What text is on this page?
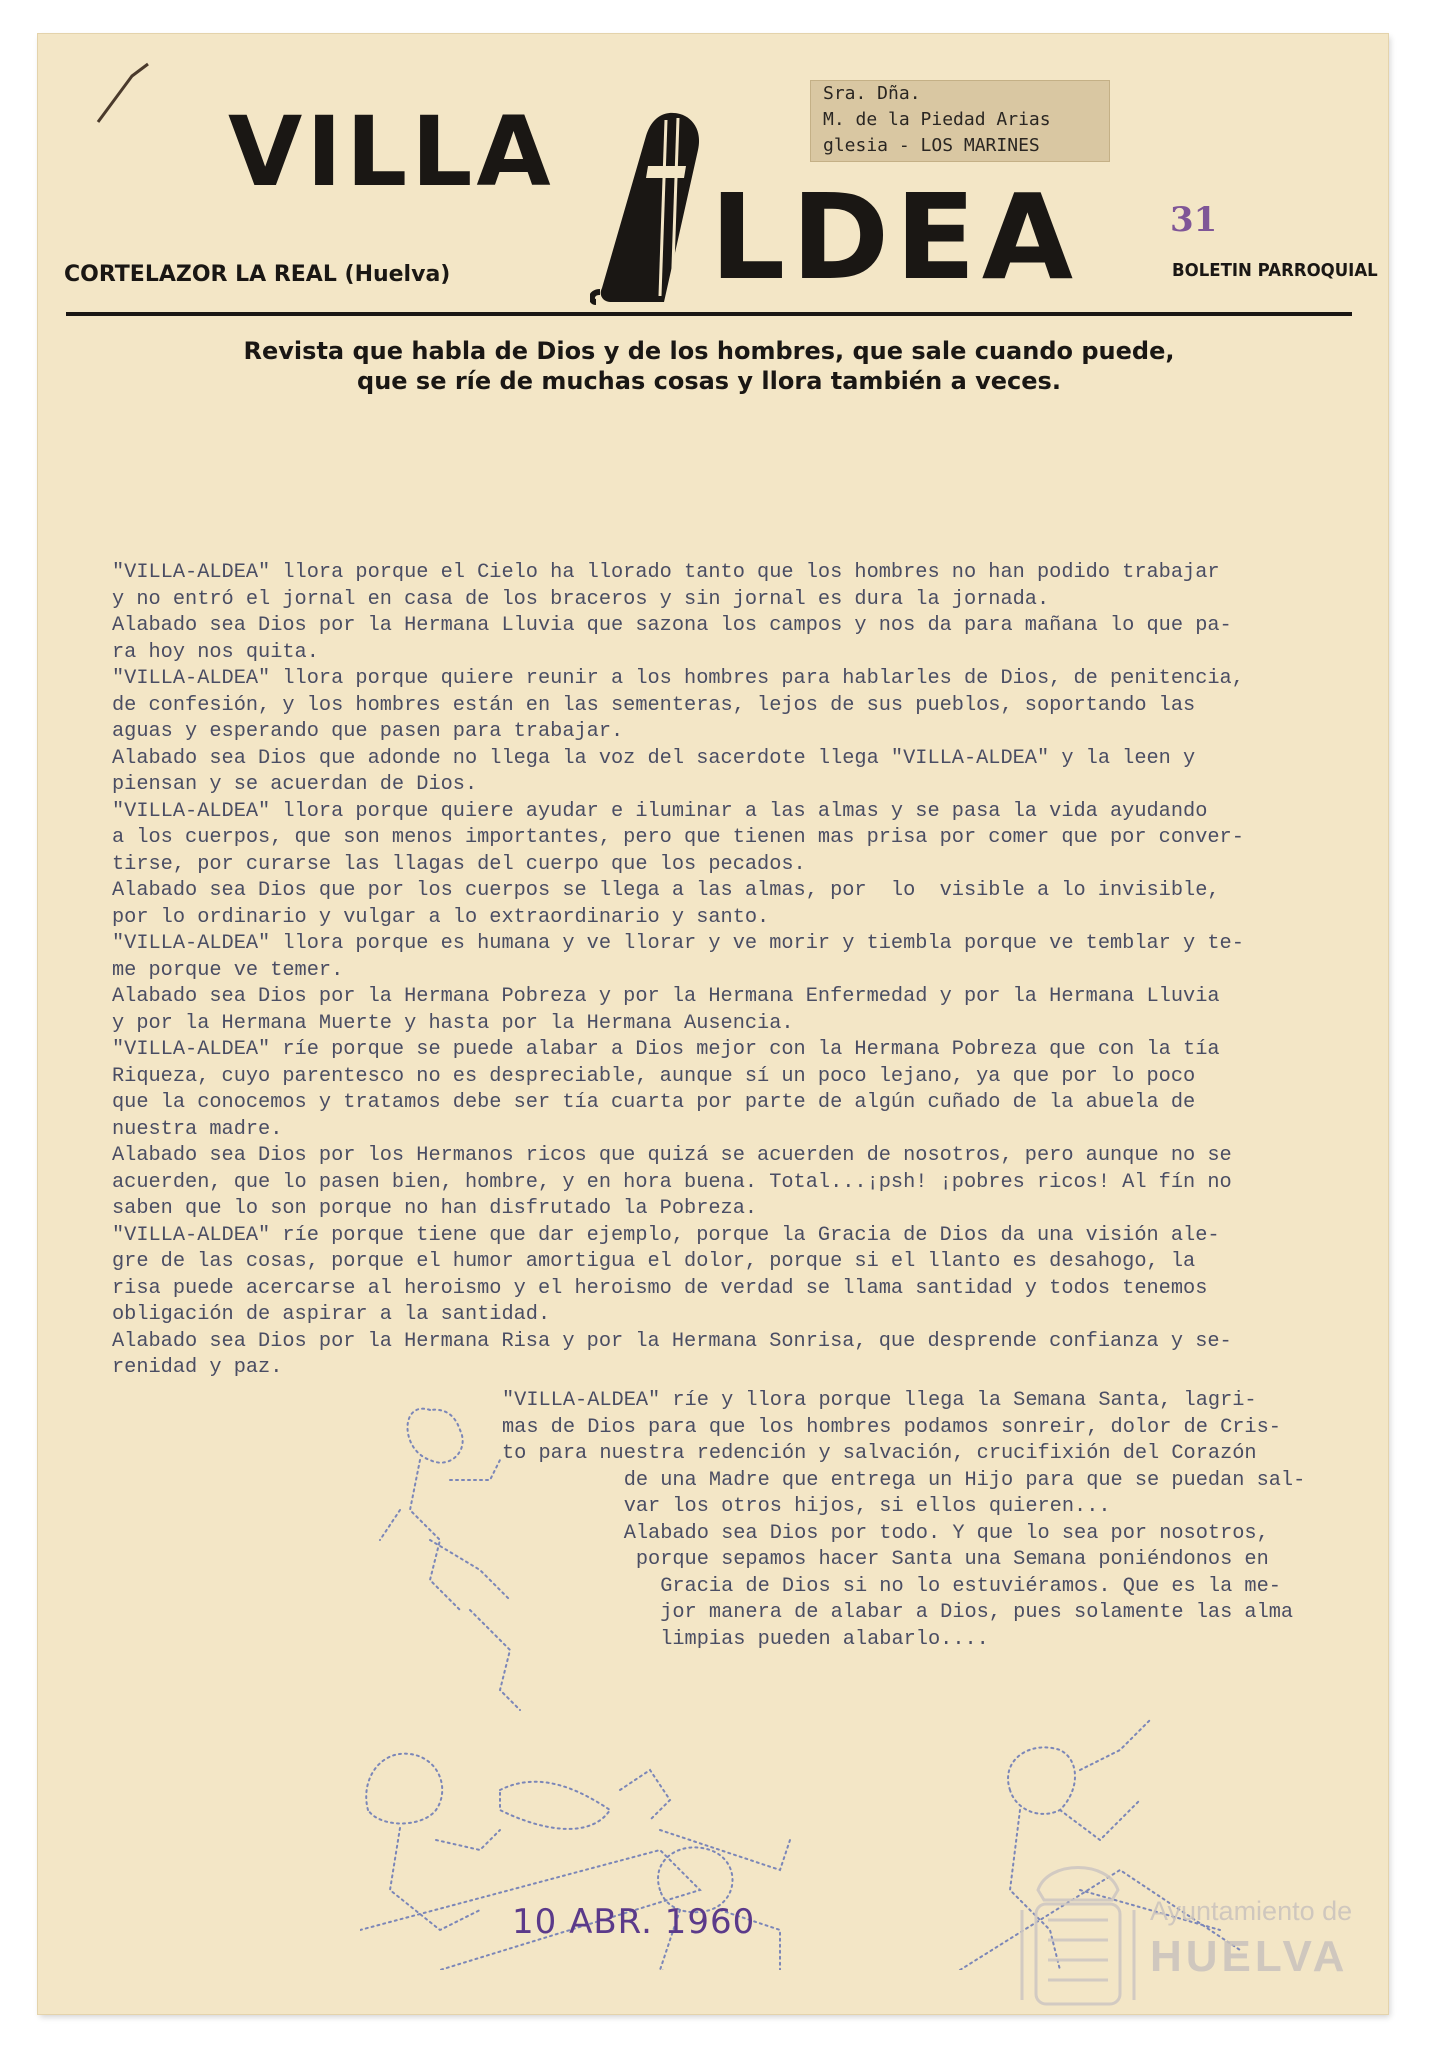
VILLA
LDEA
CORTELAZOR LA REAL (Huelva)	BOLETIN PARROQUIAL
31
Sra. Dña.
M. de la Piedad Arias
glesia - LOS MARINES
Revista que habla de Dios y de los hombres, que sale cuando puede,
que se ríe de muchas cosas y llora también a veces.
"VILLA-ALDEA" llora porque el Cielo ha llorado tanto que los hombres no han podido trabajar
y no entró el jornal en casa de los braceros y sin jornal es dura la jornada.
Alabado sea Dios por la Hermana Lluvia que sazona los campos y nos da para mañana lo que pa-
ra hoy nos quita.
"VILLA-ALDEA" llora porque quiere reunir a los hombres para hablarles de Dios, de penitencia,
de confesión, y los hombres están en las sementeras, lejos de sus pueblos, soportando las
aguas y esperando que pasen para trabajar.
Alabado sea Dios que adonde no llega la voz del sacerdote llega "VILLA-ALDEA" y la leen y
piensan y se acuerdan de Dios.
"VILLA-ALDEA" llora porque quiere ayudar e iluminar a las almas y se pasa la vida ayudando
a los cuerpos, que son menos importantes, pero que tienen mas prisa por comer que por conver-
tirse, por curarse las llagas del cuerpo que los pecados.
Alabado sea Dios que por los cuerpos se llega a las almas, por  lo  visible a lo invisible,
por lo ordinario y vulgar a lo extraordinario y santo.
"VILLA-ALDEA" llora porque es humana y ve llorar y ve morir y tiembla porque ve temblar y te-
me porque ve temer.
Alabado sea Dios por la Hermana Pobreza y por la Hermana Enfermedad y por la Hermana Lluvia
y por la Hermana Muerte y hasta por la Hermana Ausencia.
"VILLA-ALDEA" ríe porque se puede alabar a Dios mejor con la Hermana Pobreza que con la tía
Riqueza, cuyo parentesco no es despreciable, aunque sí un poco lejano, ya que por lo poco
que la conocemos y tratamos debe ser tía cuarta por parte de algún cuñado de la abuela de
nuestra madre.
Alabado sea Dios por los Hermanos ricos que quizá se acuerden de nosotros, pero aunque no se
acuerden, que lo pasen bien, hombre, y en hora buena. Total...¡psh! ¡pobres ricos! Al fín no
saben que lo son porque no han disfrutado la Pobreza.
"VILLA-ALDEA" ríe porque tiene que dar ejemplo, porque la Gracia de Dios da una visión ale-
gre de las cosas, porque el humor amortigua el dolor, porque si el llanto es desahogo, la
risa puede acercarse al heroismo y el heroismo de verdad se llama santidad y todos tenemos
obligación de aspirar a la santidad.
Alabado sea Dios por la Hermana Risa y por la Hermana Sonrisa, que desprende confianza y se-
renidad y paz.
"VILLA-ALDEA" ríe y llora porque llega la Semana Santa, lagri-
mas de Dios para que los hombres podamos sonreir, dolor de Cris-
to para nuestra redención y salvación, crucifixión del Corazón
de una Madre que entrega un Hijo para que se puedan sal-
var los otros hijos, si ellos quieren...
Alabado sea Dios por todo. Y que lo sea por nosotros,
porque sepamos hacer Santa una Semana poniéndonos en
Gracia de Dios si no lo estuviéramos. Que es la me-
jor manera de alabar a Dios, pues solamente las alma
limpias pueden alabarlo....
10 ABR. 1960	Ayuntamiento de
HUELVA
